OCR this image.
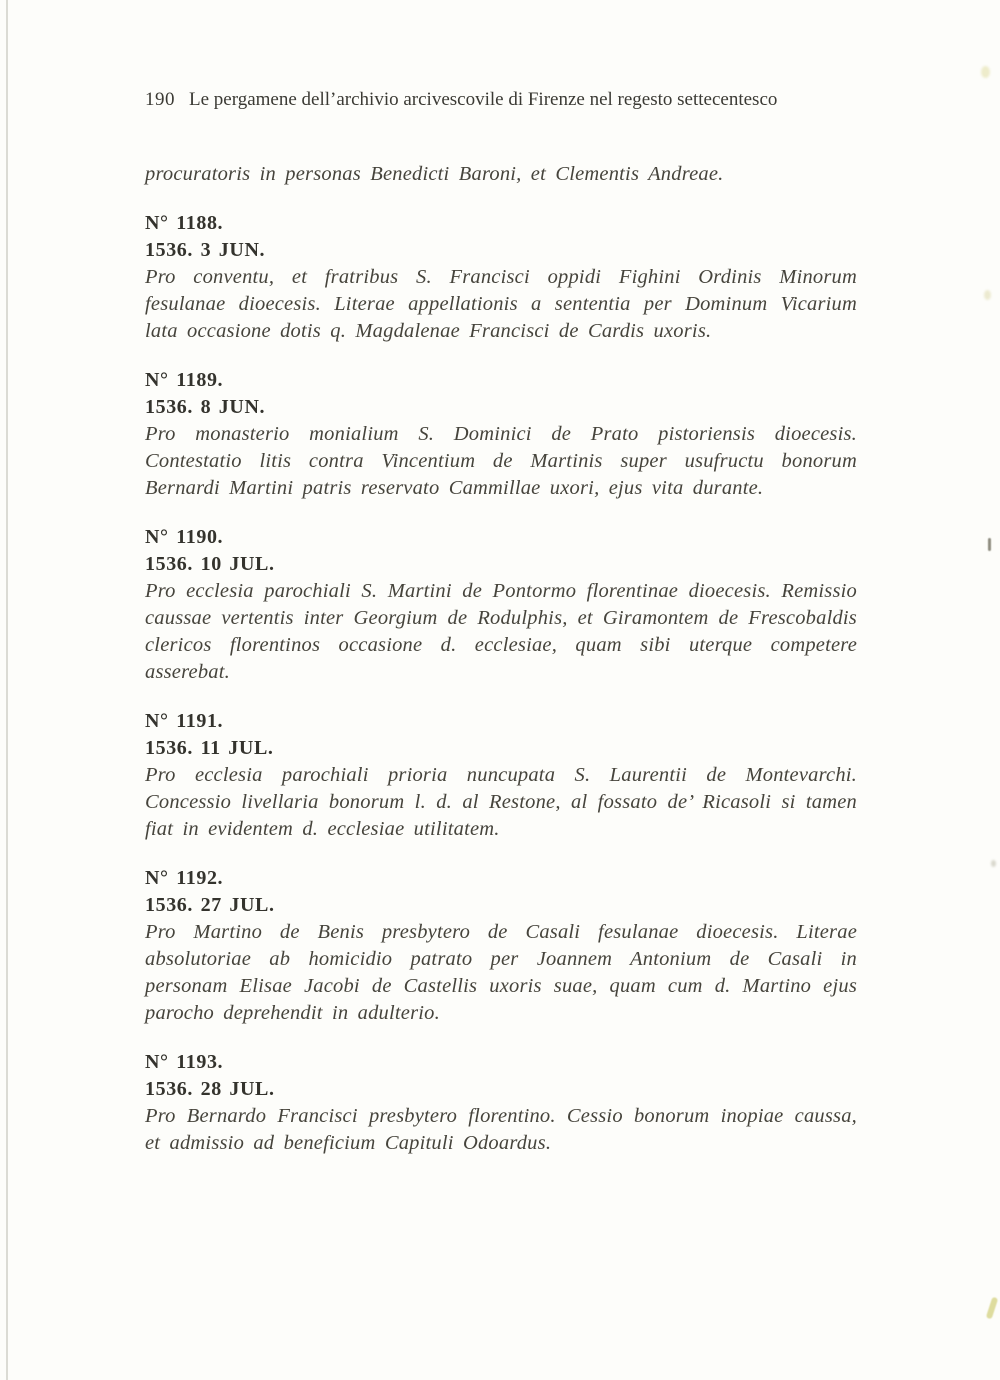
190 Le pergamene dell’archivio arcivescovile di Firenze nel regesto settecentesco
procuratoris in personas Benedicti Baroni, et Clementis Andreae.
N° 1188.
1536. 3 JUN.
Pro conventu, et fratribus S. Francisci oppidi Fighini Ordinis Minorum fesulanae dioecesis. Literae appellationis a sententia per Dominum Vicarium lata occasione dotis q. Magdalenae Francisci de Cardis uxoris.
N° 1189.
1536. 8 JUN.
Pro monasterio monialium S. Dominici de Prato pistoriensis dioecesis. Contestatio litis contra Vincentium de Martinis super usufructu bonorum Bernardi Martini patris reservato Cammillae uxori, ejus vita durante.
N° 1190.
1536. 10 JUL.
Pro ecclesia parochiali S. Martini de Pontormo florentinae dioecesis. Remissio caussae vertentis inter Georgium de Rodulphis, et Giramontem de Frescobaldis clericos florentinos occasione d. ecclesiae, quam sibi uterque competere asserebat.
N° 1191.
1536. 11 JUL.
Pro ecclesia parochiali prioria nuncupata S. Laurentii de Montevarchi. Concessio livellaria bonorum l. d. al Restone, al fossato de’ Ricasoli si tamen fiat in evidentem d. ecclesiae utilitatem.
N° 1192.
1536. 27 JUL.
Pro Martino de Benis presbytero de Casali fesulanae dioecesis. Literae absolutoriae ab homicidio patrato per Joannem Antonium de Casali in personam Elisae Jacobi de Castellis uxoris suae, quam cum d. Martino ejus parocho deprehendit in adulterio.
N° 1193.
1536. 28 JUL.
Pro Bernardo Francisci presbytero florentino. Cessio bonorum inopiae caussa, et admissio ad beneficium Capituli Odoardus.
